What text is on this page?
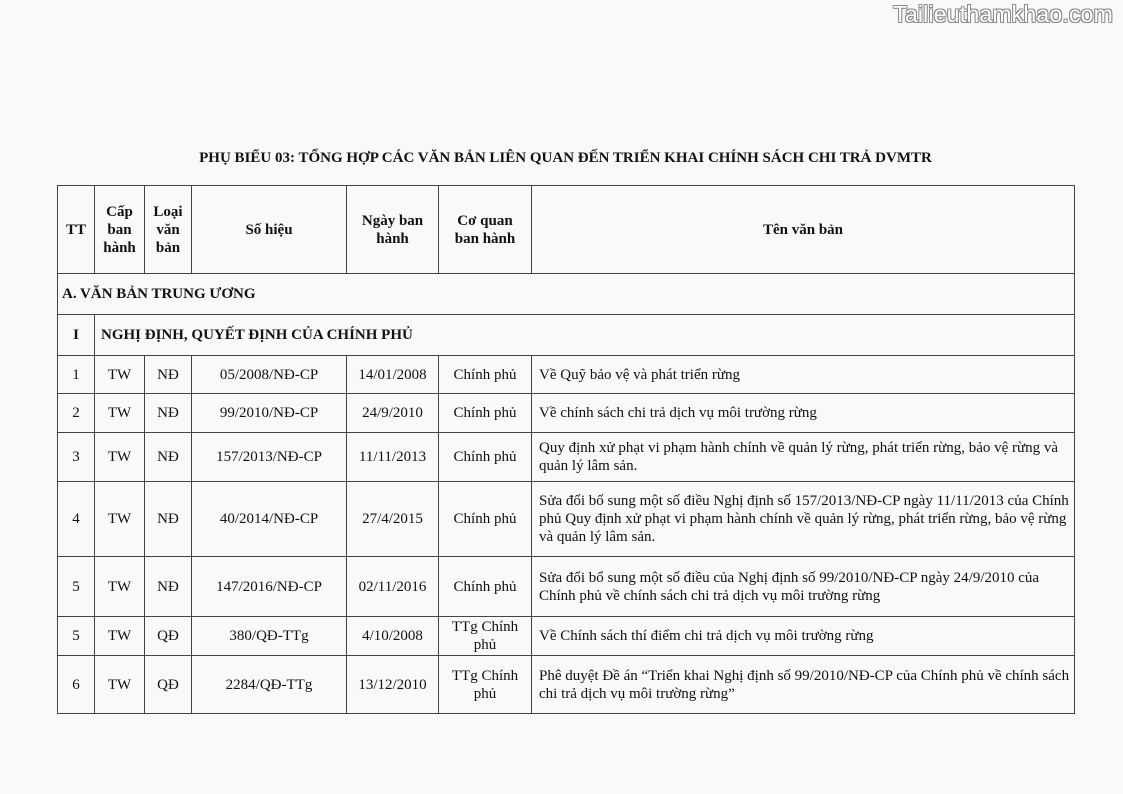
Tailieuthamkhao.com
PHỤ BIỂU 03: TỔNG HỢP CÁC VĂN BẢN LIÊN QUAN ĐẾN TRIỂN KHAI CHÍNH SÁCH CHI TRẢ DVMTR
TT	Cấp ban hành	Loại văn bản	Số hiệu	Ngày ban hành	Cơ quan ban hành	Tên văn bản
A. VĂN BẢN TRUNG ƯƠNG						
I	NGHỊ ĐỊNH, QUYẾT ĐỊNH CỦA CHÍNH PHỦ					
1	TW	NĐ	05/2008/NĐ-CP	14/01/2008	Chính phủ	Về Quỹ bảo vệ và phát triển rừng
2	TW	NĐ	99/2010/NĐ-CP	24/9/2010	Chính phủ	Về chính sách chi trả dịch vụ môi trường rừng
3	TW	NĐ	157/2013/NĐ-CP	11/11/2013	Chính phủ	Quy định xử phạt vi phạm hành chính về quản lý rừng, phát triển rừng, bảo vệ rừng và quản lý lâm sản.
4	TW	NĐ	40/2014/NĐ-CP	27/4/2015	Chính phủ	Sửa đổi bổ sung một số điều Nghị định số 157/2013/NĐ-CP ngày 11/11/2013 của Chính phủ Quy định xử phạt vi phạm hành chính về quản lý rừng, phát triển rừng, bảo vệ rừng và quản lý lâm sản.
5	TW	NĐ	147/2016/NĐ-CP	02/11/2016	Chính phủ	Sửa đổi bổ sung một số điều của Nghị định số 99/2010/NĐ-CP ngày 24/9/2010 của Chính phủ về chính sách chi trả dịch vụ môi trường rừng
5	TW	QĐ	380/QĐ-TTg	4/10/2008	TTg Chính phủ	Về Chính sách thí điểm chi trả dịch vụ môi trường rừng
6	TW	QĐ	2284/QĐ-TTg	13/12/2010	TTg Chính phủ	Phê duyệt Đề án “Triển khai Nghị định số 99/2010/NĐ-CP của Chính phủ về chính sách chi trả dịch vụ môi trường rừng”
